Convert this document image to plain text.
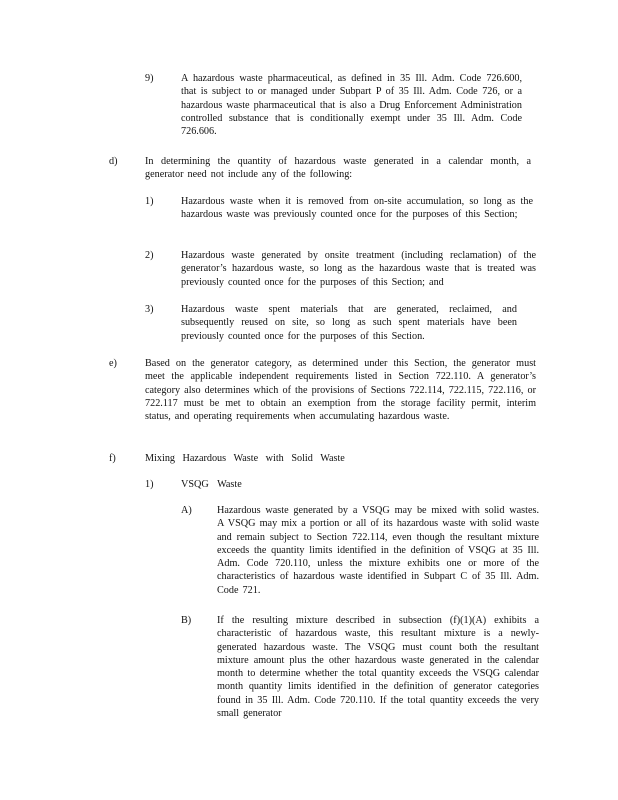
9)	A hazardous waste pharmaceutical, as defined in 35 Ill. Adm. Code 726.600, that is subject to or managed under Subpart P of 35 Ill. Adm. Code 726, or a hazardous waste pharmaceutical that is also a Drug Enforcement Administration controlled substance that is conditionally exempt under 35 Ill. Adm. Code 726.606.
d)	In determining the quantity of hazardous waste generated in a calendar month, a generator need not include any of the following:
1)	Hazardous waste when it is removed from on-site accumulation, so long as the hazardous waste was previously counted once for the purposes of this Section;
2)	Hazardous waste generated by onsite treatment (including reclamation) of the generator’s hazardous waste, so long as the hazardous waste that is treated was previously counted once for the purposes of this Section; and
3)	Hazardous waste spent materials that are generated, reclaimed, and subsequently reused on site, so long as such spent materials have been previously counted once for the purposes of this Section.
e)	Based on the generator category, as determined under this Section, the generator must meet the applicable independent requirements listed in Section 722.110. A generator’s category also determines which of the provisions of Sections 722.114, 722.115, 722.116, or 722.117 must be met to obtain an exemption from the storage facility permit, interim status, and operating requirements when accumulating hazardous waste.
f)	Mixing Hazardous Waste with Solid Waste
1)	VSQG Waste
A) Hazardous waste generated by a VSQG may be mixed with solid wastes. A VSQG may mix a portion or all of its hazardous waste with solid waste and remain subject to Section 722.114, even though the resultant mixture exceeds the quantity limits identified in the definition of VSQG at 35 Ill. Adm. Code 720.110, unless the mixture exhibits one or more of the characteristics of hazardous waste identified in Subpart C of 35 Ill. Adm. Code 721.
B)	If the resulting mixture described in subsection (f)(1)(A) exhibits a characteristic of hazardous waste, this resultant mixture is a newly-generated hazardous waste. The VSQG must count both the resultant mixture amount plus the other hazardous waste generated in the calendar month to determine whether the total quantity exceeds the VSQG calendar month quantity limits identified in the definition of generator categories found in 35 Ill. Adm. Code 720.110. If the total quantity exceeds the very small generator
